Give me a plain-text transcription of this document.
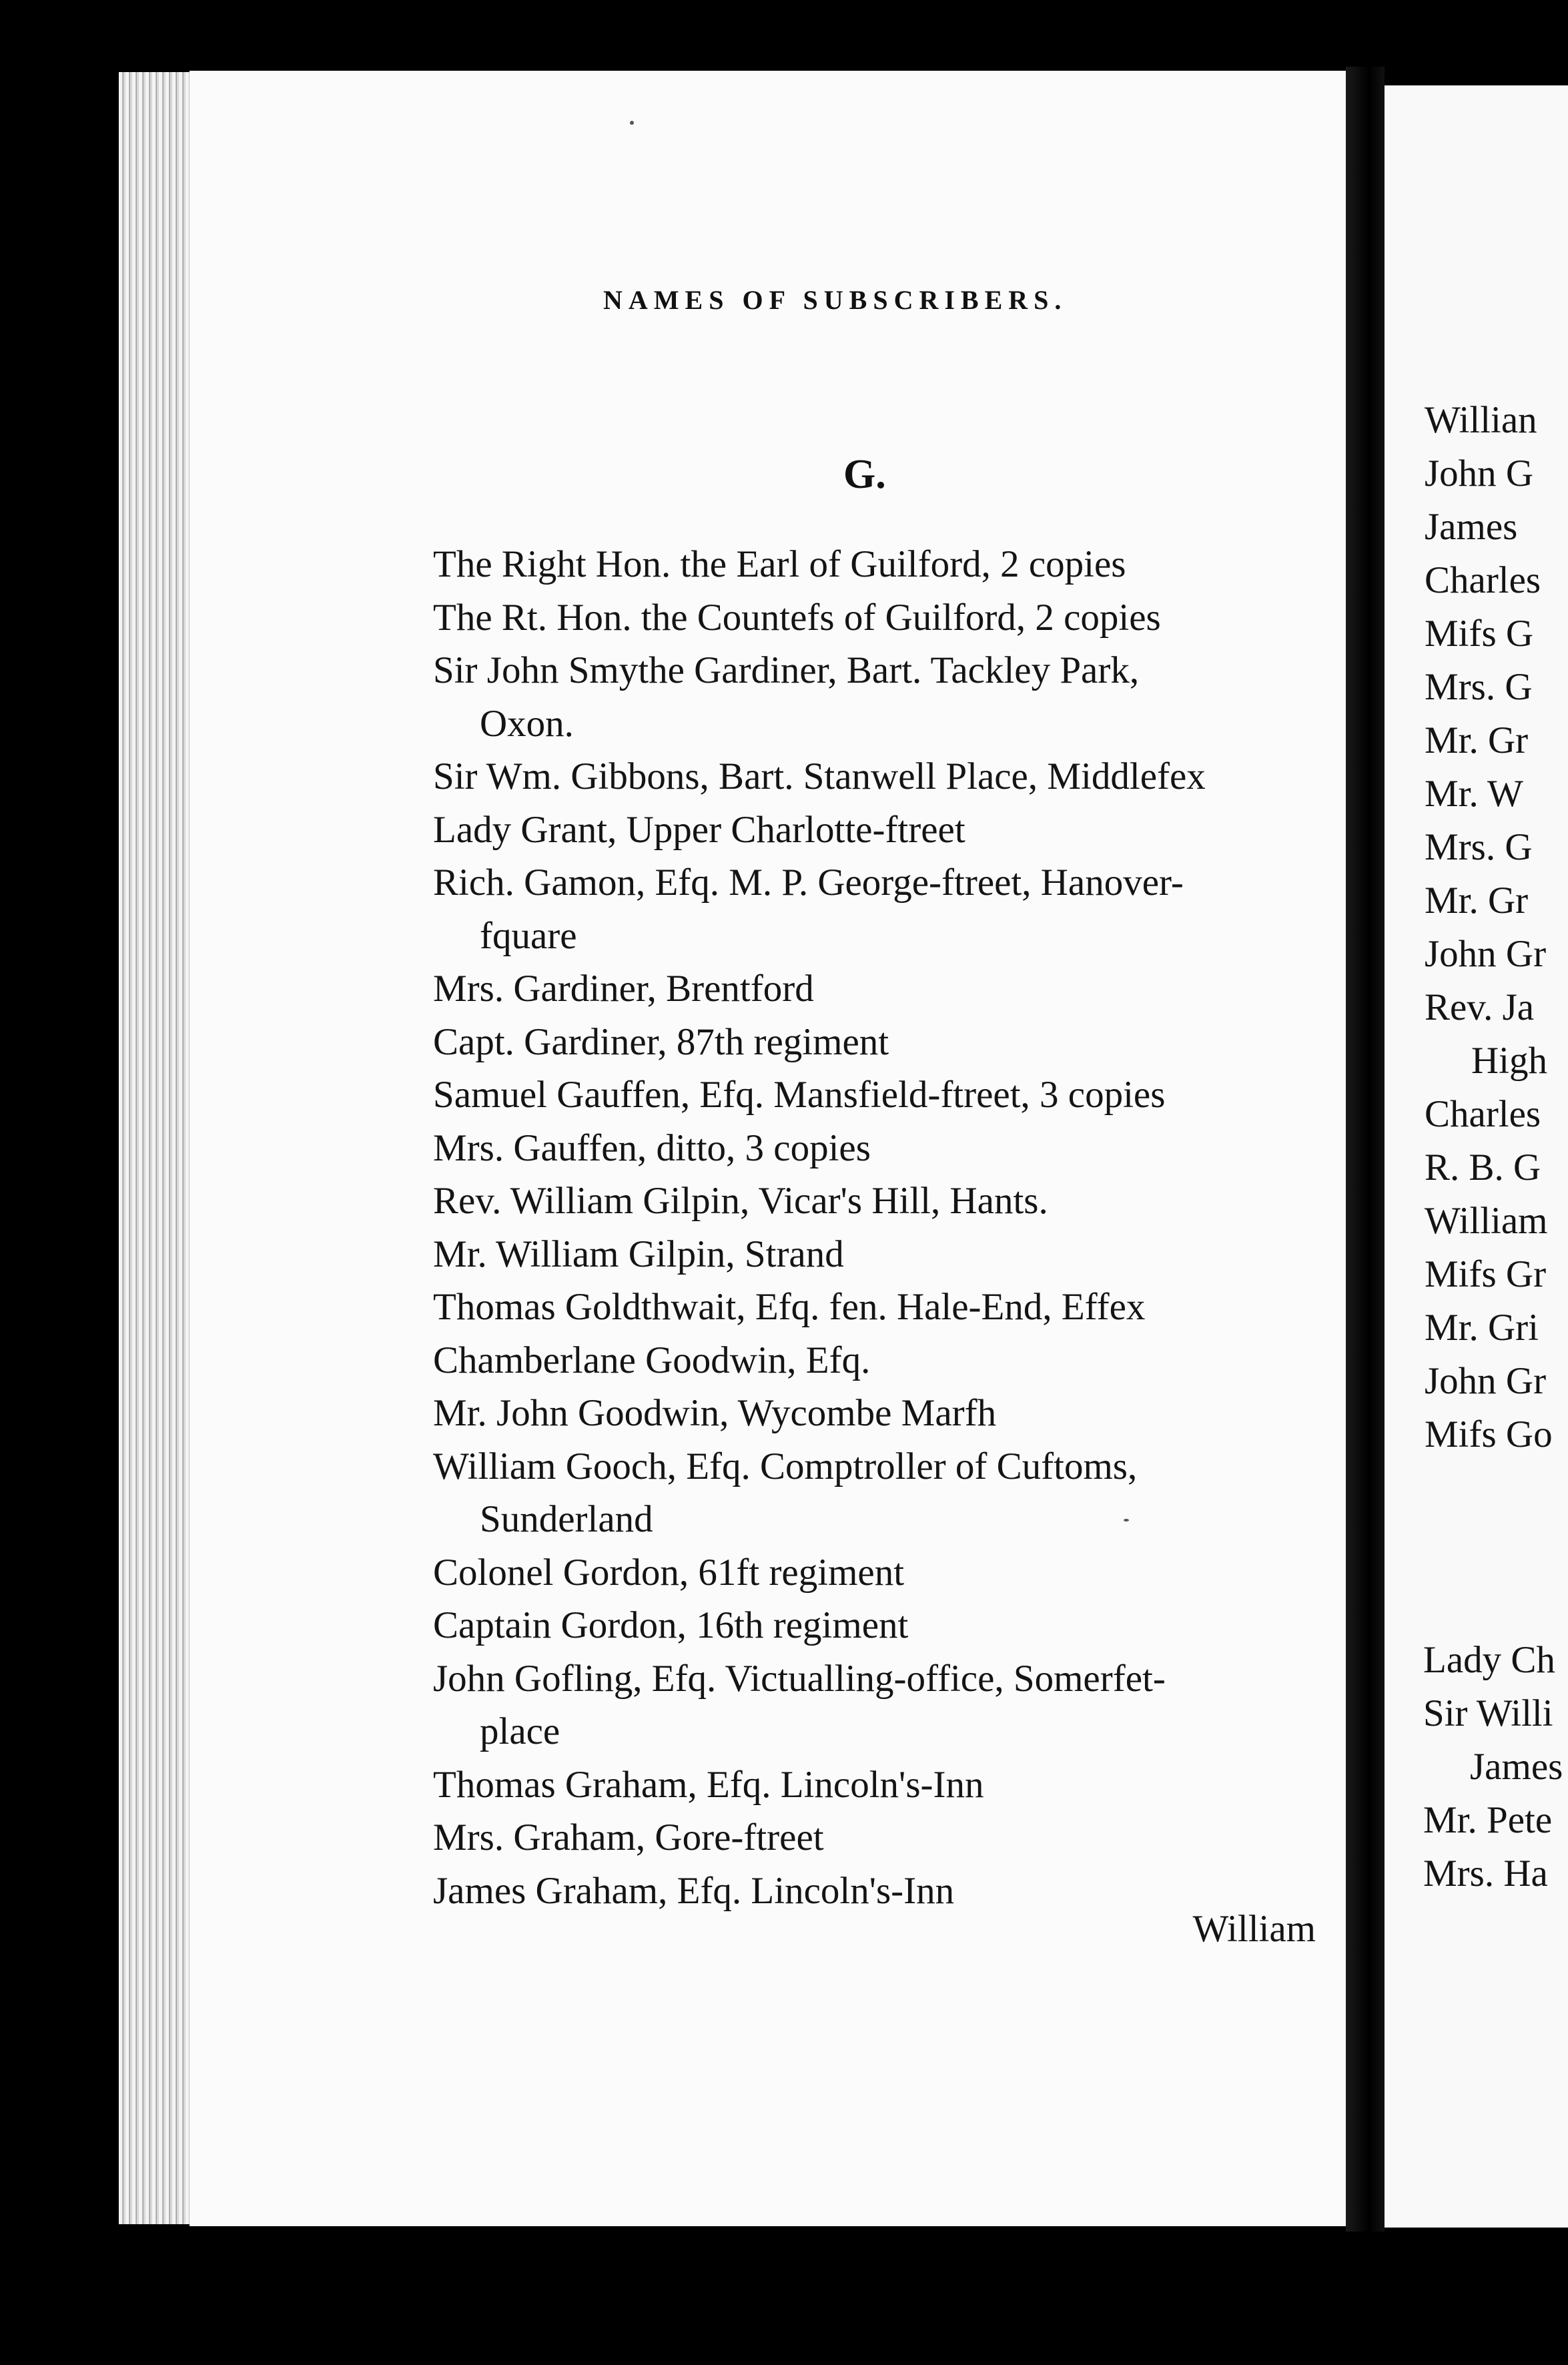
NAMES OF SUBSCRIBERS.
G.
The Right Hon. the Earl of Guilford, 2 copies
The Rt. Hon. the Countefs of Guilford, 2 copies
Sir John Smythe Gardiner, Bart. Tackley Park,
Oxon.
Sir Wm. Gibbons, Bart. Stanwell Place, Middlefex
Lady Grant, Upper Charlotte-ftreet
Rich. Gamon, Efq. M. P. George-ftreet, Hanover-
fquare
Mrs. Gardiner, Brentford
Capt. Gardiner, 87th regiment
Samuel Gauffen, Efq. Mansfield-ftreet, 3 copies
Mrs. Gauffen, ditto, 3 copies
Rev. William Gilpin, Vicar's Hill, Hants.
Mr. William Gilpin, Strand
Thomas Goldthwait, Efq. fen. Hale-End, Effex
Chamberlane Goodwin, Efq.
Mr. John Goodwin, Wycombe Marfh
William Gooch, Efq. Comptroller of Cuftoms,
Sunderland
Colonel Gordon, 61ft regiment
Captain Gordon, 16th regiment
John Gofling, Efq. Victualling-office, Somerfet-
place
Thomas Graham, Efq. Lincoln's-Inn
Mrs. Graham, Gore-ftreet
James Graham, Efq. Lincoln's-Inn
William
Willian
John G
James
Charles
Mifs G
Mrs. G
Mr. Gr
Mr. W
Mrs. G
Mr. Gr
John Gr
Rev. Ja
High
Charles
R. B. G
William
Mifs Gr
Mr. Gri
John Gr
Mifs Go
Lady Ch
Sir Willi
James
Mr. Pete
Mrs. Ha
